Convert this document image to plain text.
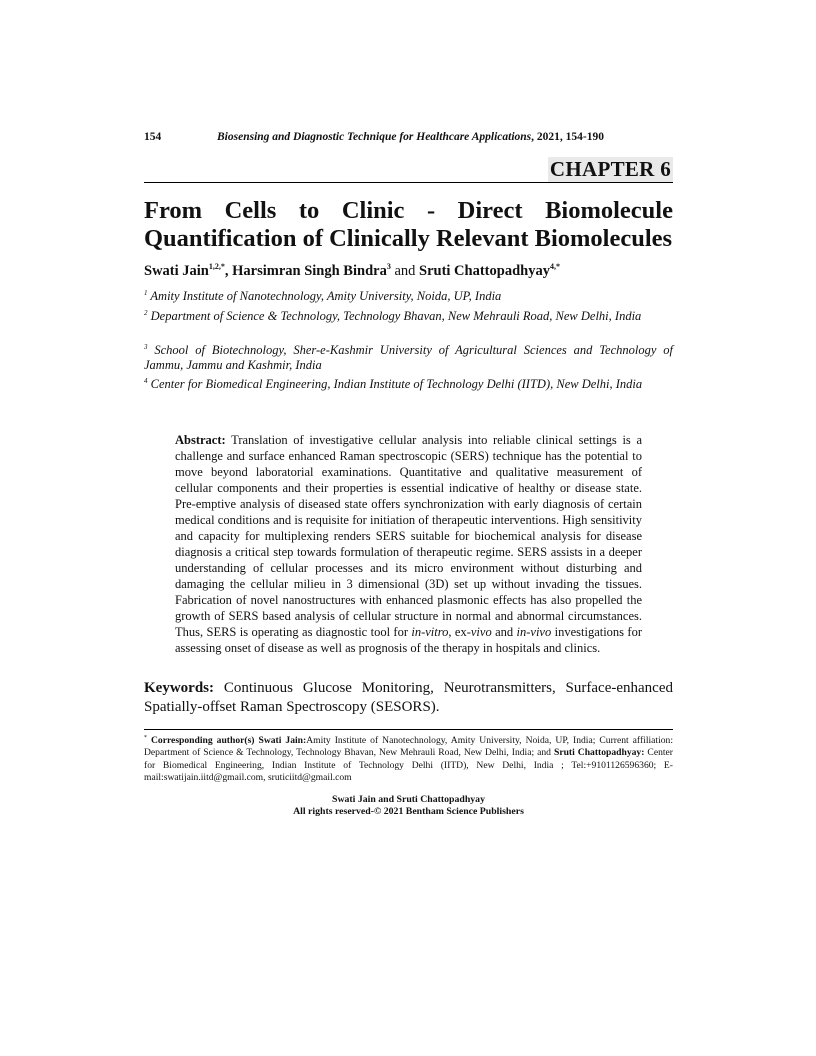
154	Biosensing and Diagnostic Technique for Healthcare Applications, 2021, 154-190
CHAPTER 6
From Cells to Clinic - Direct Biomolecule
Quantification of Clinically Relevant Biomolecules
Swati Jain$^{1,2,*}$, Harsimran Singh Bindra$^3$ and Sruti Chattopadhyay$^{4,*}$
$^1$ Amity Institute of Nanotechnology, Amity University, Noida, UP, India
$^2$ Department of Science & Technology, Technology Bhavan, New Mehrauli Road, New Delhi, India
$^3$ School of Biotechnology, Sher-e-Kashmir University of Agricultural Sciences and Technology of Jammu, Jammu and Kashmir, India
$^4$ Center for Biomedical Engineering, Indian Institute of Technology Delhi (IITD), New Delhi, India
Abstract: Translation of investigative cellular analysis into reliable clinical settings is a challenge and surface enhanced Raman spectroscopic (SERS) technique has the potential to move beyond laboratorial examinations. Quantitative and qualitative measurement of cellular components and their properties is essential indicative of healthy or disease state. Pre-emptive analysis of diseased state offers synchronization with early diagnosis of certain medical conditions and is requisite for initiation of therapeutic interventions. High sensitivity and capacity for multiplexing renders SERS suitable for biochemical analysis for disease diagnosis a critical step towards formulation of therapeutic regime. SERS assists in a deeper understanding of cellular processes and its micro environment without disturbing and damaging the cellular milieu in 3 dimensional (3D) set up without invading the tissues. Fabrication of novel nanostructures with enhanced plasmonic effects has also propelled the growth of SERS based analysis of cellular structure in normal and abnormal circumstances. Thus, SERS is operating as diagnostic tool for in-vitro, ex-vivo and in-vivo investigations for assessing onset of disease as well as prognosis of the therapy in hospitals and clinics.
Keywords: Continuous Glucose Monitoring, Neurotransmitters, Surface-enhanced Spatially-offset Raman Spectroscopy (SESORS).
* Corresponding author(s) Swati Jain:Amity Institute of Nanotechnology, Amity University, Noida, UP, India; Current affiliation: Department of Science & Technology, Technology Bhavan, New Mehrauli Road, New Delhi, India; and Sruti Chattopadhyay: Center for Biomedical Engineering, Indian Institute of Technology Delhi (IITD), New Delhi, India ; Tel:+9101126596360; E-mail:swatijain.iitd@gmail.com, sruticiitd@gmail.com
Swati Jain and Sruti Chattopadhyay
All rights reserved-© 2021 Bentham Science Publishers
